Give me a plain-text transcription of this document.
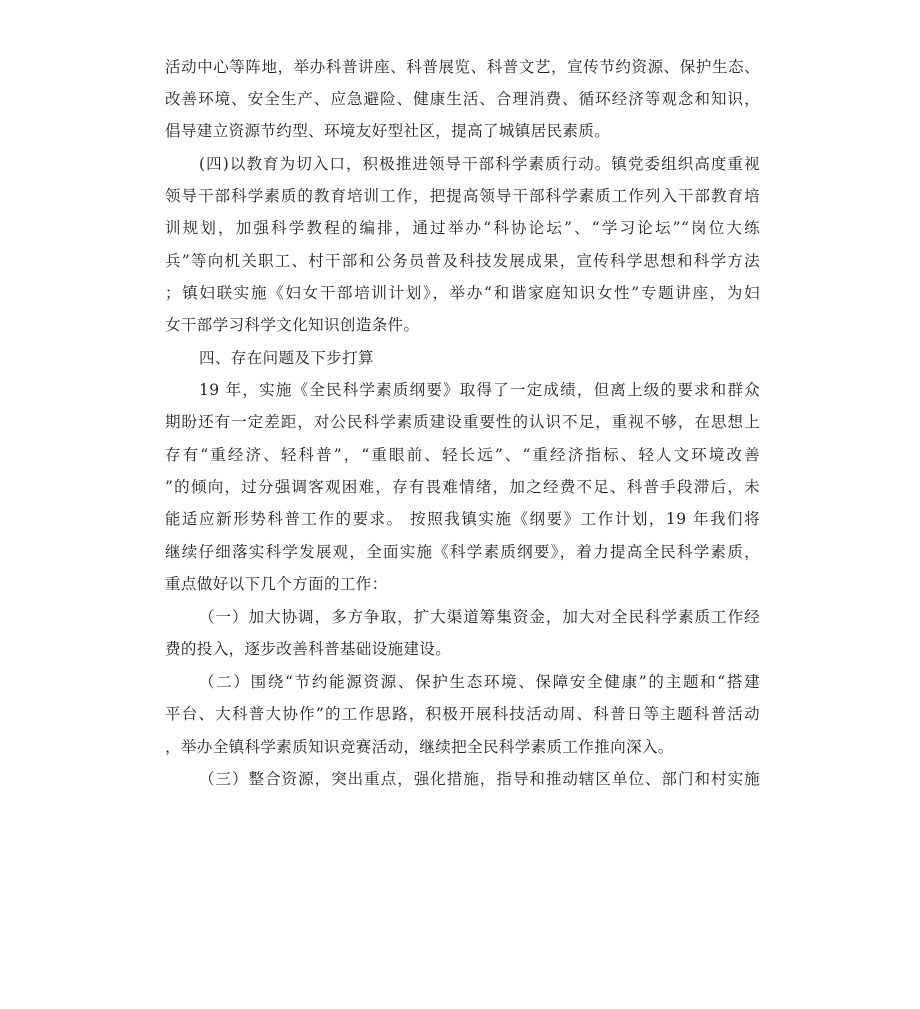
活动中心等阵地，举办科普讲座、科普展览、科普文艺，宣传节约资源、保护生态、
改善环境、安全生产、应急避险、健康生活、合理消费、循环经济等观念和知识，
倡导建立资源节约型、环境友好型社区，提高了城镇居民素质。
(四)以教育为切入口，积极推进领导干部科学素质行动。镇党委组织高度重视
领导干部科学素质的教育培训工作，把提高领导干部科学素质工作列入干部教育培
训规划，加强科学教程的编排，通过举办“科协论坛”、“学习论坛”“岗位大练
兵”等向机关职工、村干部和公务员普及科技发展成果，宣传科学思想和科学方法
；镇妇联实施《妇女干部培训计划》，举办“和谐家庭知识女性”专题讲座，为妇
女干部学习科学文化知识创造条件。
四、存在问题及下步打算
19 年，实施《全民科学素质纲要》取得了一定成绩，但离上级的要求和群众
期盼还有一定差距，对公民科学素质建设重要性的认识不足，重视不够，在思想上
存有“重经济、轻科普”，“重眼前、轻长远”、“重经济指标、轻人文环境改善
”的倾向，过分强调客观困难，存有畏难情绪，加之经费不足、科普手段滞后，未
能适应新形势科普工作的要求。 按照我镇实施《纲要》工作计划，19 年我们将
继续仔细落实科学发展观，全面实施《科学素质纲要》，着力提高全民科学素质，
重点做好以下几个方面的工作：
（一）加大协调，多方争取，扩大渠道筹集资金，加大对全民科学素质工作经
费的投入，逐步改善科普基础设施建设。
（二）围绕“节约能源资源、保护生态环境、保障安全健康”的主题和“搭建
平台、大科普大协作”的工作思路，积极开展科技活动周、科普日等主题科普活动
，举办全镇科学素质知识竞赛活动，继续把全民科学素质工作推向深入。
（三）整合资源，突出重点，强化措施，指导和推动辖区单位、部门和村实施
